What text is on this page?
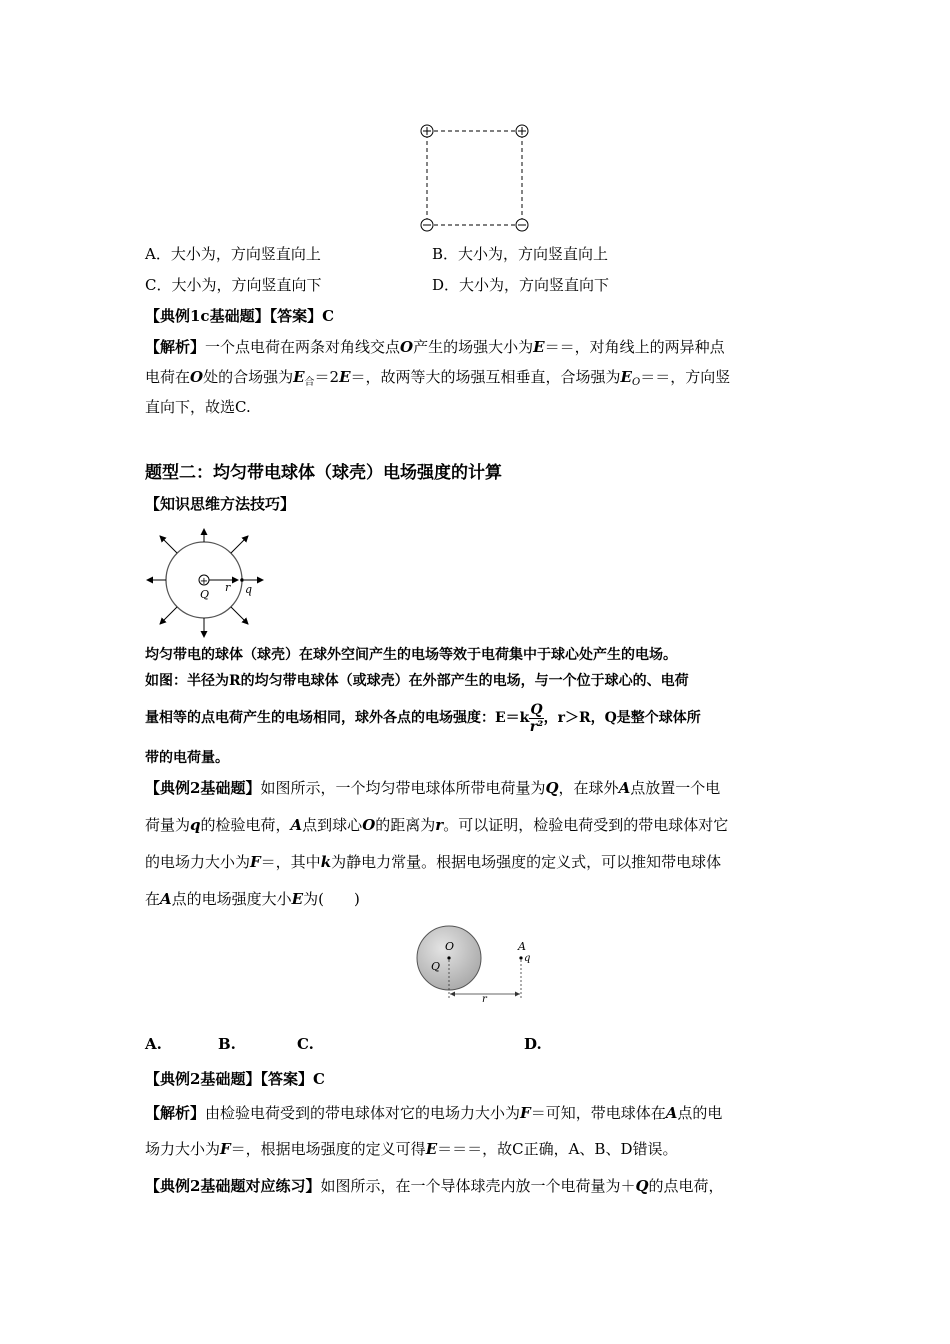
A．大小为，方向竖直向上	B．大小为，方向竖直向上
C．大小为，方向竖直向下	D．大小为，方向竖直向下
【典例1c基础题】【答案】C
【解析】一个点电荷在两条对角线交点O产生的场强大小为E＝＝，对角线上的两异种点
电荷在O处的合场强为$E_合=2E=$，故两等大的场强互相垂直，合场强为$E_O==$，方向竖
直向下，故选C.
题型二：均匀带电球体（球壳）电场强度的计算
【知识思维方法技巧】
+
Q
r q
均匀带电的球体（球壳）在球外空间产生的电场等效于电荷集中于球心处产生的电场。
如图：半径为R的均匀带电球体（或球壳）在外部产生的电场，与一个位于球心的、电荷
量相等的点电荷产生的电场相同，球外各点的电场强度：$E=k \frac{Q}{\text{r²}}$ ，r＞R，Q是整个球体所
带的电荷量。
【典例2基础题】如图所示，一个均匀带电球体所带电荷量为Q，在球外A点放置一个电
荷量为q的检验电荷，A点到球心O的距离为r。可以证明，检验电荷受到的带电球体对它
的电场力大小为F＝，其中k为静电力常量。根据电场强度的定义式，可以推知带电球体
在A点的电场强度大小E为(　　)
O
Q
A
q
r
A.	B.	C.	D.
【典例2基础题】【答案】C
【解析】由检验电荷受到的带电球体对它的电场力大小为F＝可知，带电球体在A点的电
场力大小为F＝，根据电场强度的定义可得E＝＝＝，故C正确，A、B、D错误。
【典例2基础题对应练习】如图所示，在一个导体球壳内放一个电荷量为＋Q的点电荷，
